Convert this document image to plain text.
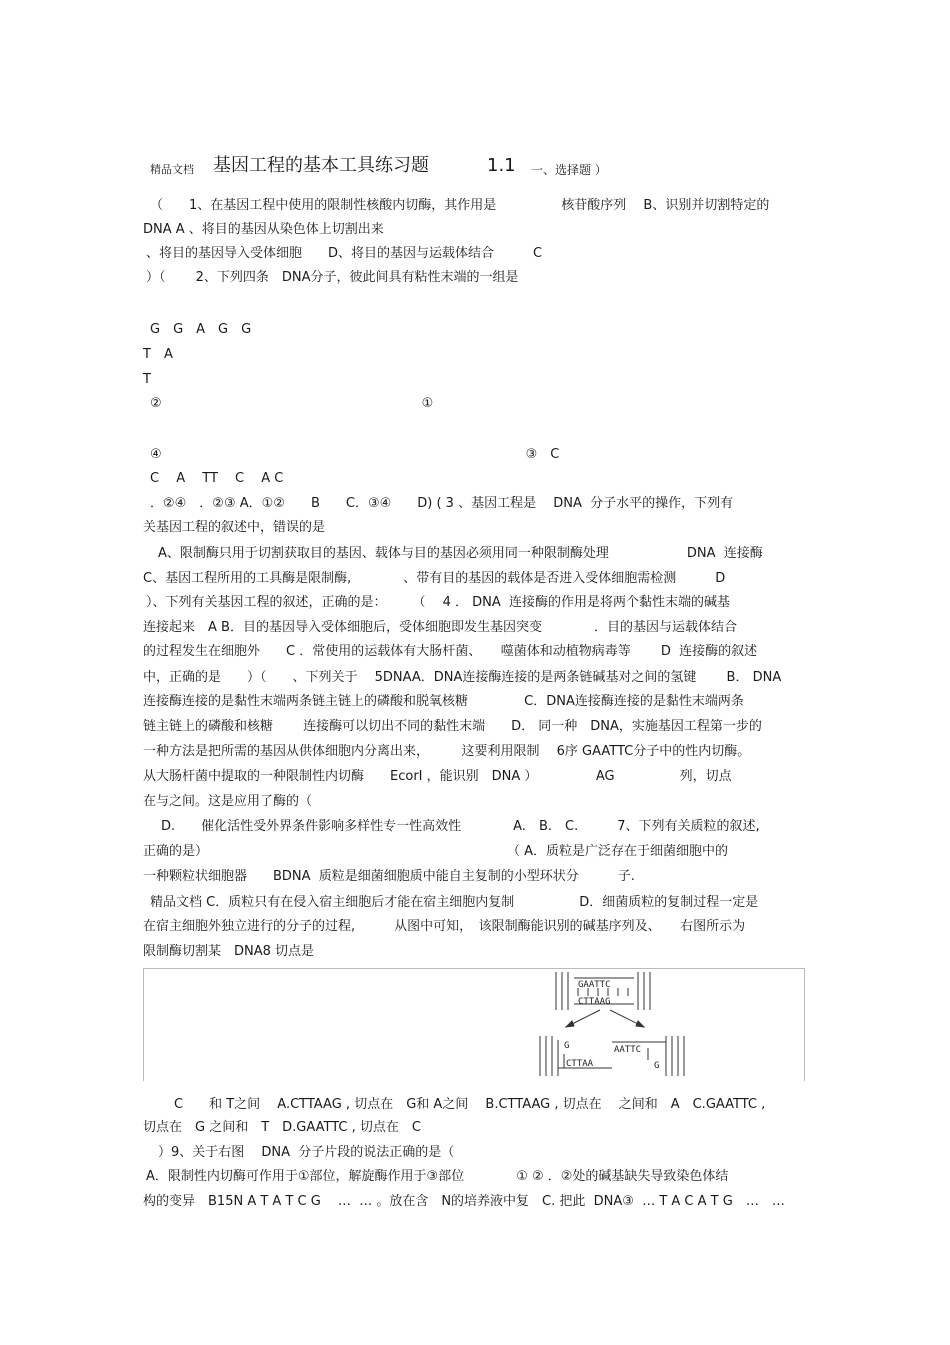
精品文档 基因工程的基本工具练习题	1.1 一、选择题 ）
（　　1、在基因工程中使用的限制性核酸内切酶，其作用是　　　　　核苷酸序列　 B、识别并切割特定的
DNA A 、将目的基因从染色体上切割出来
、将目的基因导入受体细胞　　D、将目的基因与运载体结合　　　C
）（　　 2、下列四条　DNA分子，彼此间具有粘性末端的一组是
G　G　A　G　G
T　A
T
②　　　　　　　　　　　　　　　　　　　　①
④　　　　　　　　　　　　　　　　　　　　　　　　　　　　③　C
C　 A　 TT　 C　 A C
．②④　．②③ A．①②　　B　　C．③④　　D) ( 3 、基因工程是　 DNA  分子水平的操作，下列有
关基因工程的叙述中，错误的是
A、限制酶只用于切割获取目的基因、载体与目的基因必须用同一种限制酶处理　　　　　　DNA  连接酶
C、基因工程所用的工具酶是限制酶,　　　　、带有目的基因的载体是否进入受体细胞需检测　　　D
）、下列有关基因工程的叙述，正确的是：　　　（　 4 ． DNA  连接酶的作用是将两个黏性末端的碱基
连接起来　A B．目的基因导入受体细胞后，受体细胞即发生基因突变　　　　．目的基因与运载体结合
的过程发生在细胞外　　C ．常使用的运载体有大肠杆菌、　　噬菌体和动植物病毒等　　 D  连接酶的叙述
中，正确的是　　）（　　、下列关于　 5DNAA．DNA连接酶连接的是两条链碱基对之间的氢键　　 B． DNA
连接酶连接的是黏性末端两条链主链上的磷酸和脱氧核糖　　　　 C．DNA连接酶连接的是黏性末端两条
链主链上的磷酸和核糖　　 连接酶可以切出不同的黏性末端　　D． 同一种　DNA，实施基因工程第一步的
一种方法是把所需的基因从供体细胞内分离出来，　　　这要利用限制　 6序 GAATTC分子中的性内切酶。
从大肠杆菌中提取的一种限制性内切酶　　EcorI ，能识别　DNA ）　　　　　AG　　　　　列，切点
在与之间。这是应用了酶的（
D.　　催化活性受外界条件影响多样性专一性高效性　　　　A.　B.　C.　　　7、下列有关质粒的叙述,
正确的是）　　　　　　　　　　　　　　　　　　　　　　　　（ A．质粒是广泛存在于细菌细胞中的
一种颗粒状细胞器　　BDNA  质粒是细菌细胞质中能自主复制的小型环状分　　　子.
精品文档 C．质粒只有在侵入宿主细胞后才能在宿主细胞内复制　　　　　D．细菌质粒的复制过程一定是
在宿主细胞外独立进行的分子的过程,　　　从图中可知，　该限制酶能识别的碱基序列及、　　右图所示为
限制酶切割某　DNA8 切点是
GAATTC
CTTAAG
G
CTTAA
AATTC
G
C　　和 T之间　 A.CTTAAG , 切点在　G和 A之间　 B.CTTAAG , 切点在　 之间和　A　C.GAATTC ,
切点在　G 之间和　T　D.GAATTC , 切点在　C
）9、关于右图　 DNA  分子片段的说法正确的是（
A．限制性内切酶可作用于①部位，解旋酶作用于③部位　　　　① ② ．②处的碱基缺失导致染色体结
构的变异　B15N A T A T C G　 …  … 。放在含　N的培养液中复　C. 把此  DNA③  … T A C A T G　…　…
